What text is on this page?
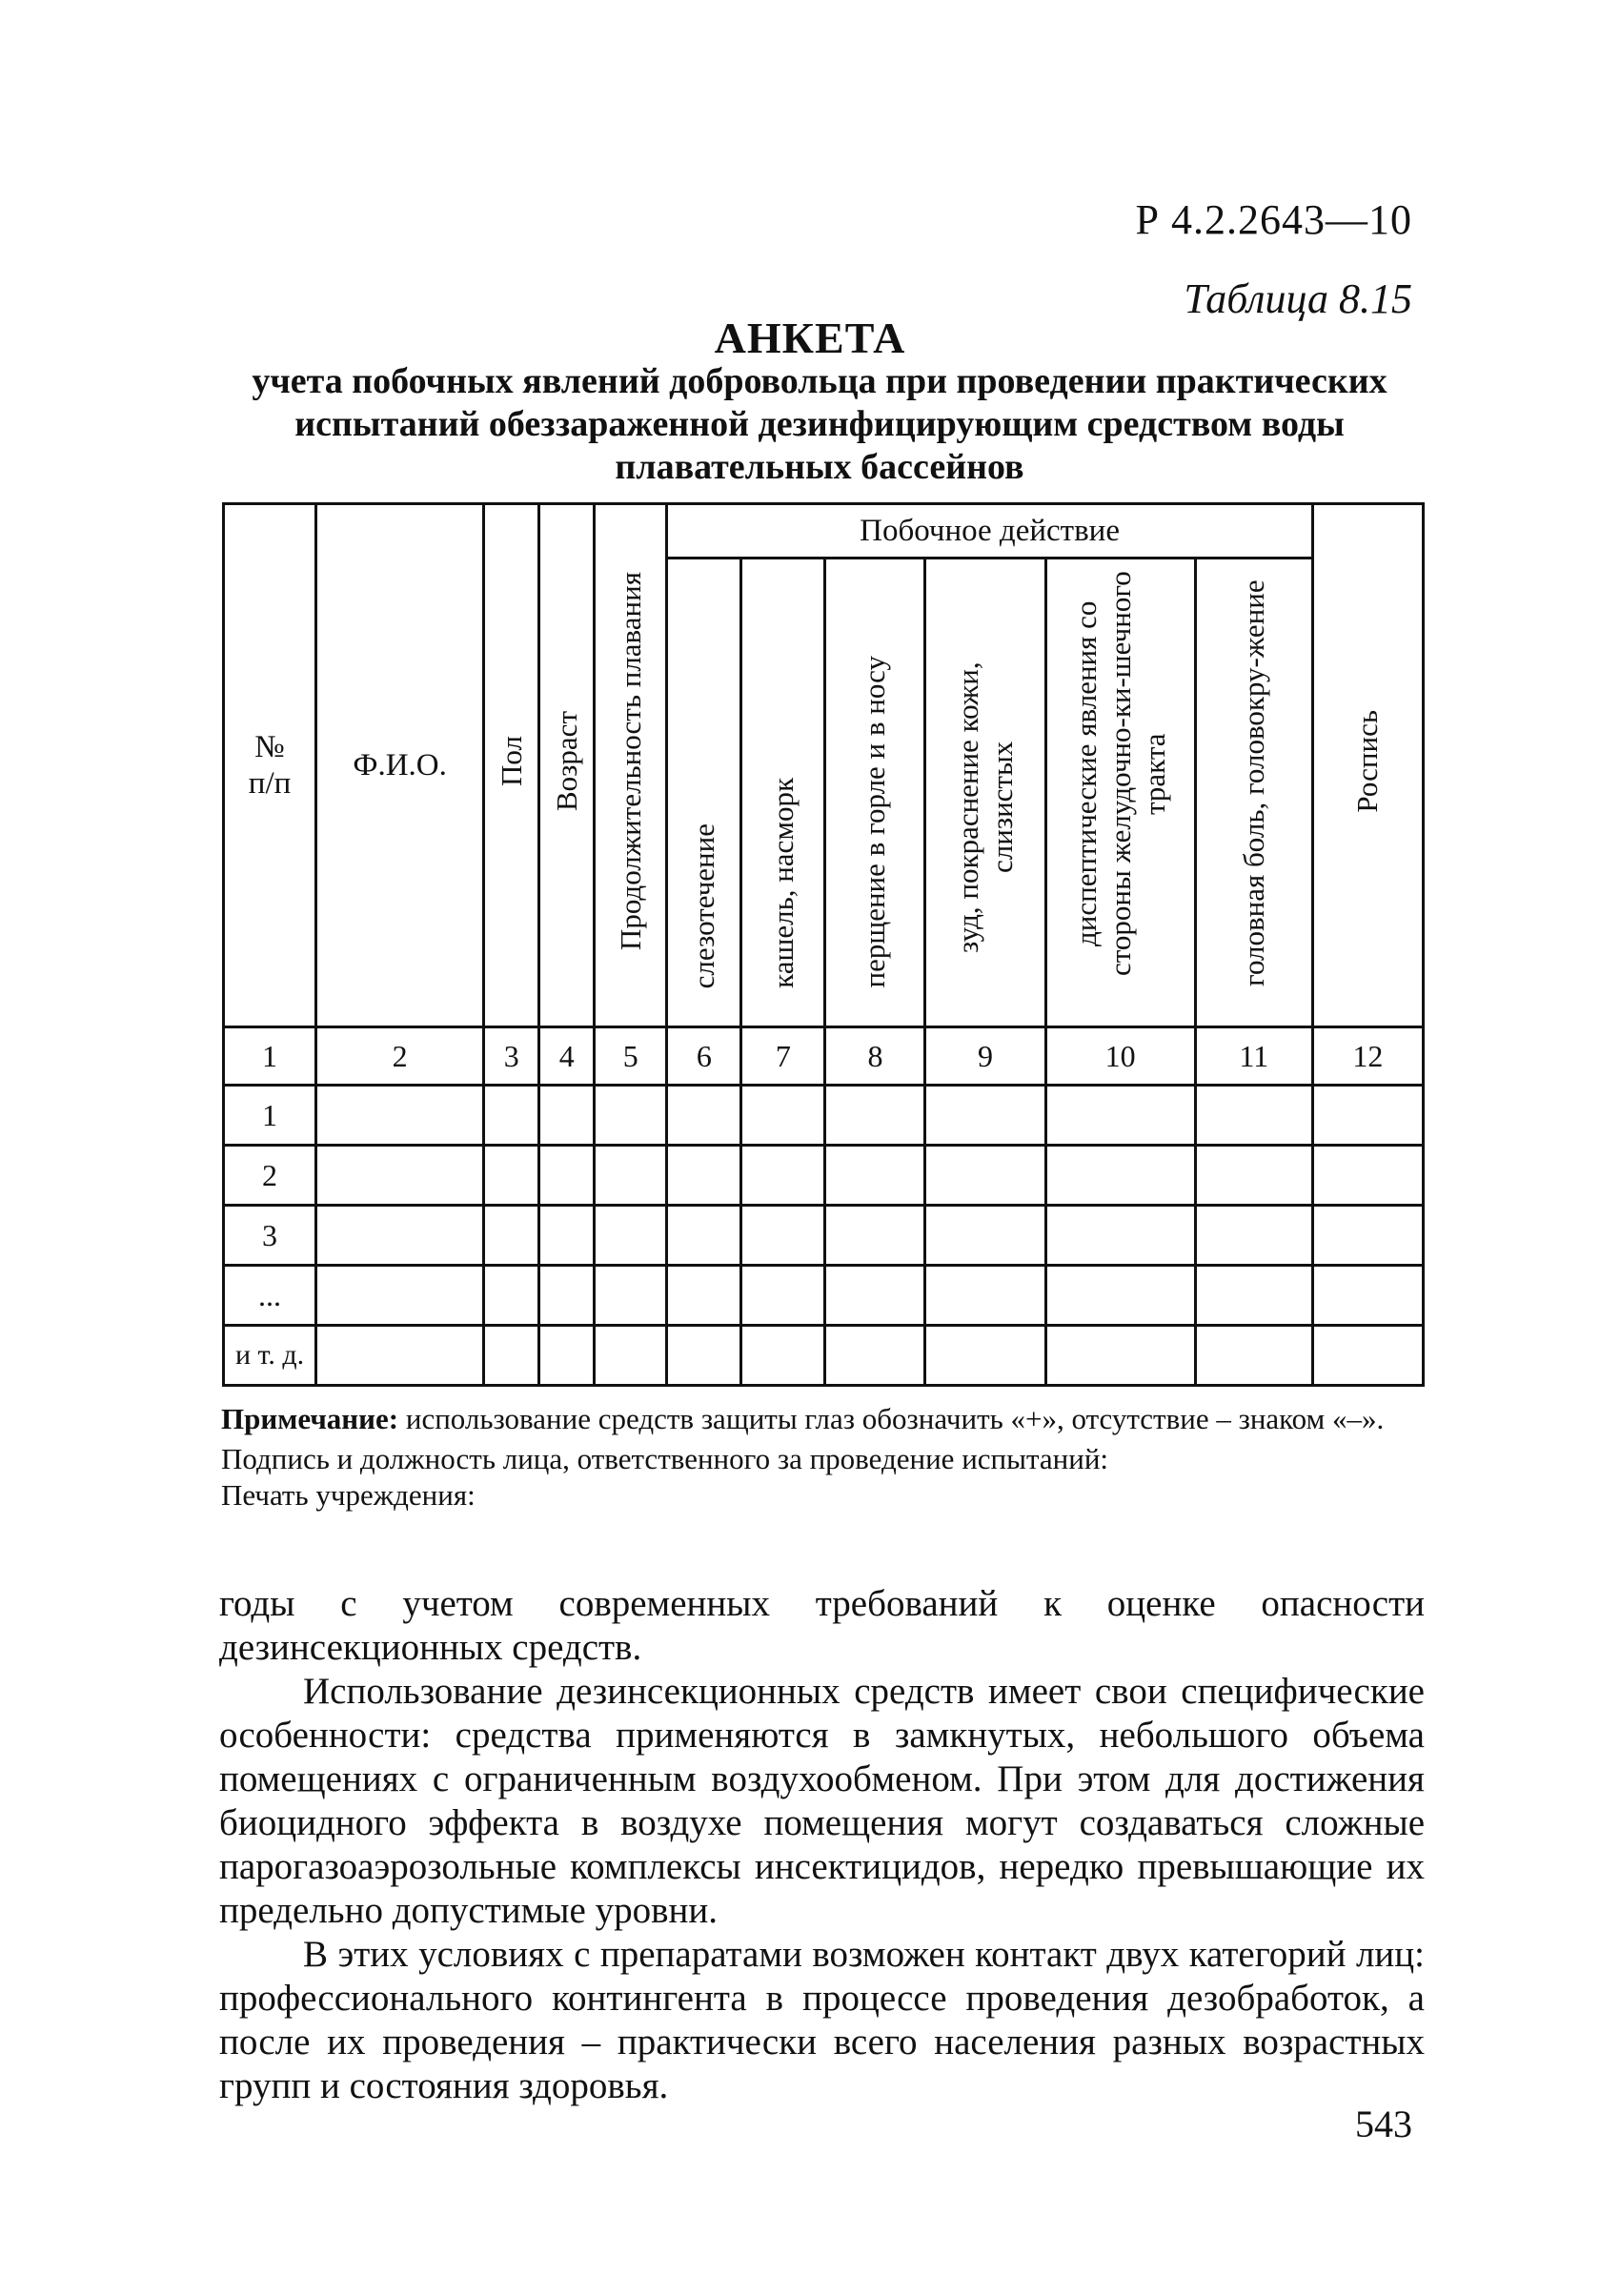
Р 4.2.2643—10
Таблица 8.15
АНКЕТА
учета побочных явлений добровольца при проведении практических испытаний обеззараженной дезинфицирующим средством воды плавательных бассейнов
№ п/п	Ф.И.О.	Пол	Возраст	Продолжительность плавания	Побочное действие						Роспись
					слезотечение	кашель, насморк	перщение в горле и в носу	зуд, покраснение кожи, слизистых	диспептические явления со стороны желудочно-ки-шечного тракта	головная боль, головокру-жение	
1	2	3	4	5	6	7	8	9	10	11	12
1											
2											
3											
...											
и т. д.											

Примечание: использование средств защиты глаз обозначить «+», отсутствие – знаком «–».

Подпись и должность лица, ответственного за проведение испытаний:

Печать учреждения:

годы с учетом современных требований к оценке опасности дезинсекционных средств.

Использование дезинсекционных средств имеет свои специфические особенности: средства применяются в замкнутых, небольшого объема помещениях с ограниченным воздухообменом. При этом для достижения биоцидного эффекта в воздухе помещения могут создаваться сложные парогазоаэрозольные комплексы инсектицидов, нередко превышающие их предельно допустимые уровни.

В этих условиях с препаратами возможен контакт двух категорий лиц: профессионального контингента в процессе проведения дезобработок, а после их проведения – практически всего населения разных возрастных групп и состояния здоровья.

543
